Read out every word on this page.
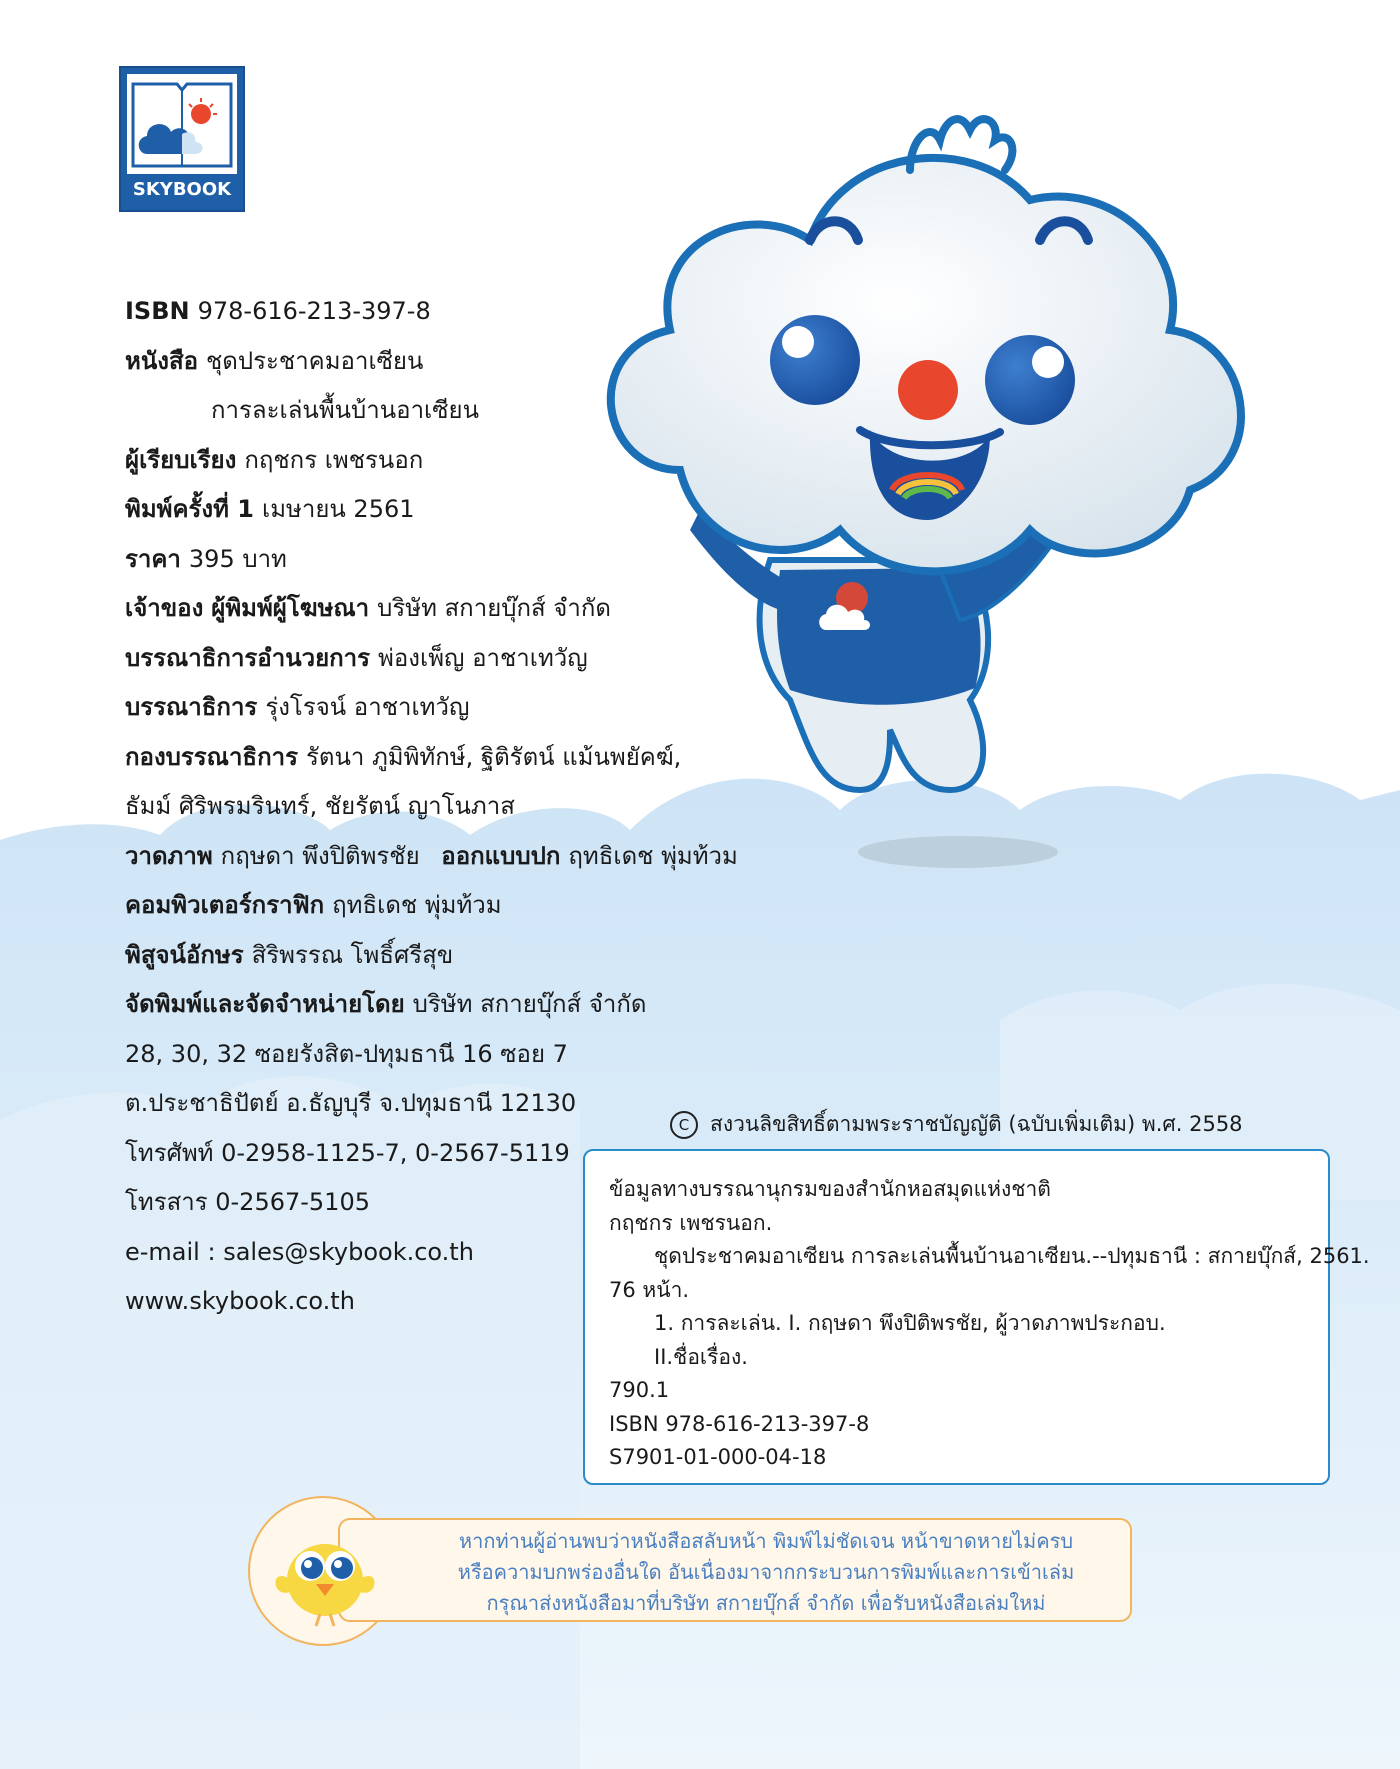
SKYBOOK
ISBN 978-616-213-397-8
หนังสือ ชุดประชาคมอาเซียน
การละเล่นพื้นบ้านอาเซียน
ผู้เรียบเรียง กฤชกร เพชรนอก
พิมพ์ครั้งที่ 1 เมษายน 2561
ราคา 395 บาท
เจ้าของ ผู้พิมพ์ผู้โฆษณา บริษัท สกายบุ๊กส์ จำกัด
บรรณาธิการอำนวยการ พ่องเพ็ญ อาชาเทวัญ
บรรณาธิการ รุ่งโรจน์ อาชาเทวัญ
กองบรรณาธิการ รัตนา ภูมิพิทักษ์, ฐิติรัตน์ แม้นพยัคฆ์,
ธัมม์ ศิริพรมรินทร์, ชัยรัตน์ ญาโนภาส
วาดภาพ กฤษดา พึงปิติพรชัย ออกแบบปก ฤทธิเดช พุ่มท้วม
คอมพิวเตอร์กราฟิก ฤทธิเดช พุ่มท้วม
พิสูจน์อักษร สิริพรรณ โพธิ์ศรีสุข
จัดพิมพ์และจัดจำหน่ายโดย บริษัท สกายบุ๊กส์ จำกัด
28, 30, 32 ซอยรังสิต-ปทุมธานี 16 ซอย 7
ต.ประชาธิปัตย์ อ.ธัญบุรี จ.ปทุมธานี 12130
โทรศัพท์ 0-2958-1125-7, 0-2567-5119
โทรสาร 0-2567-5105
e-mail : sales@skybook.co.th
www.skybook.co.th
C สงวนลิขสิทธิ์ตามพระราชบัญญัติ (ฉบับเพิ่มเติม) พ.ศ. 2558
ข้อมูลทางบรรณานุกรมของสำนักหอสมุดแห่งชาติ
กฤชกร เพชรนอก.
ชุดประชาคมอาเซียน การละเล่นพื้นบ้านอาเซียน.--ปทุมธานี : สกายบุ๊กส์, 2561.
76 หน้า.
1. การละเล่น. I. กฤษดา พึงปิติพรชัย, ผู้วาดภาพประกอบ.
II.ชื่อเรื่อง.
790.1
ISBN 978-616-213-397-8
S7901-01-000-04-18
หากท่านผู้อ่านพบว่าหนังสือสลับหน้า พิมพ์ไม่ชัดเจน หน้าขาดหายไม่ครบ
หรือความบกพร่องอื่นใด อันเนื่องมาจากกระบวนการพิมพ์และการเข้าเล่ม
กรุณาส่งหนังสือมาที่บริษัท สกายบุ๊กส์ จำกัด เพื่อรับหนังสือเล่มใหม่
